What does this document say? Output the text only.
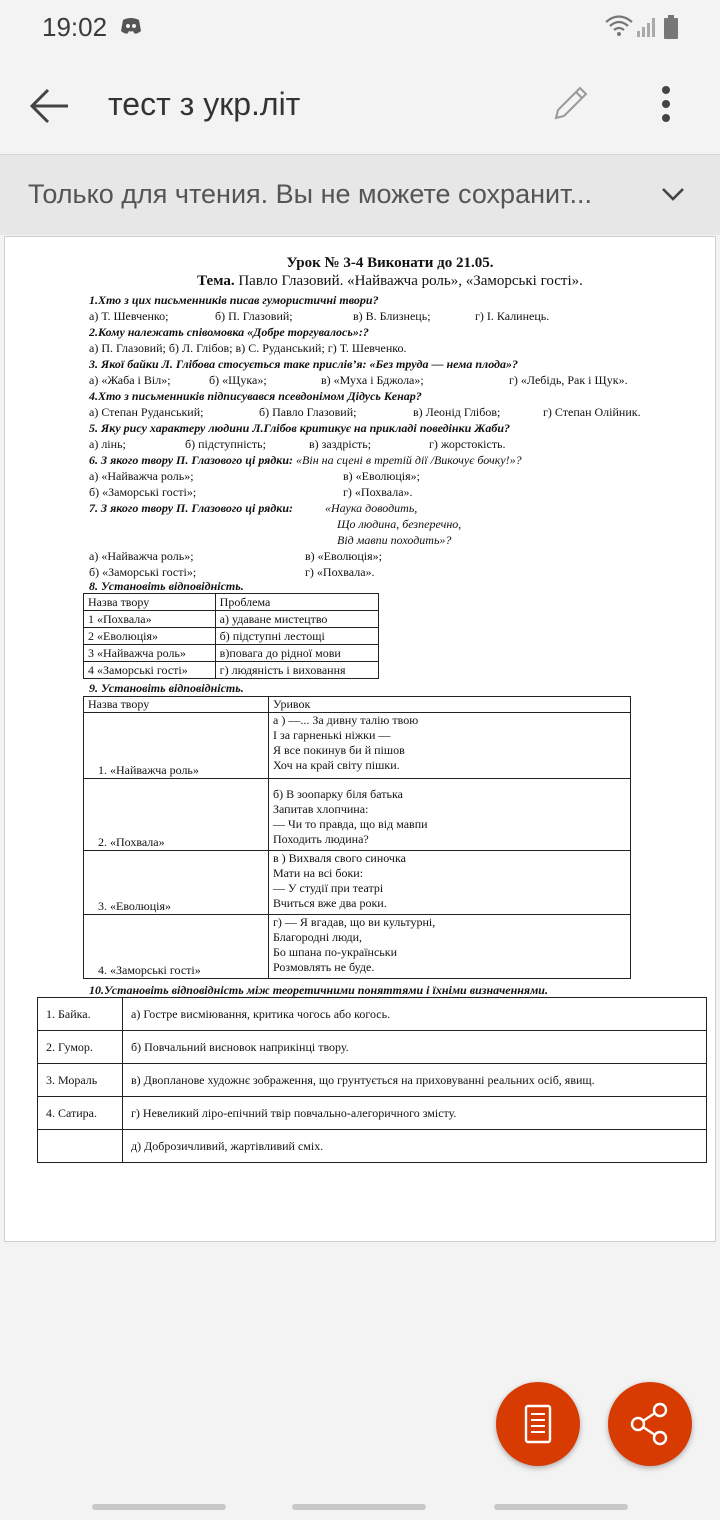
19:02
тест з укр.літ
Только для чтения. Вы не можете сохранит...
Урок № 3-4 Виконати до 21.05.
Тема. Павло Глазовий. «Найважча роль», «Заморські гості».
1.Хто з цих письменників писав гумористичні твори?
а) Т. Шевченко;	б) П. Глазовий;	в) В. Близнець;	г) І. Калинець.
2.Кому належать співомовка «Добре торгувалось»:?
а) П. Глазовий; б) Л. Глібов; в) С. Руданський; г) Т. Шевченко.
3. Якої байки Л. Глібова стосується таке прислів’я: «Без труда — нема плода»?
а) «Жаба і Віл»;	б) «Щука»;	в) «Муха і Бджола»;	г) «Лебідь, Рак і Щук».
4.Хто з письменників підписувався псевдонімом Дідусь Кенар?
а) Степан Руданський;	б) Павло Глазовий;	в) Леонід Глібов;	г) Степан Олійник.
5. Яку рису характеру людини Л.Глібов критикує на прикладі поведінки Жаби?
а) лінь;	б) підступність;	в) заздрість;	г) жорстокість.
6. З якого твору П. Глазового ці рядки: «Він на сцені в третій дії /Викочує бочку!»?
а) «Найважча роль»;	в) «Еволюція»;
б) «Заморські гості»;	г) «Похвала».
7. З якого твору П. Глазового ці рядки:	«Наука доводить,
Що людина, безперечно,
Від мавпи походить»?
а) «Найважча роль»;	в) «Еволюція»;
б) «Заморські гості»;	г) «Похвала».
8. Установіть відповідність.
Назва твору	Проблема
1 «Похвала»	а) удаване мистецтво
2 «Еволюція»	б) підступні лестощі
3 «Найважча роль»	в)повага до рідної мови
4 «Заморські гості»	г) людяність і виховання
9. Установіть відповідність.
Назва твору	Уривок
1. «Найважча роль»	а ) —... За дивну талію твою
І за гарненькі ніжки —
Я все покинув би й пішов
Хоч на край світу пішки.

2. «Похвала»	б) В зоопарку біля батька
Запитав хлопчина:
— Чи то правда, що від мавпи
Походить людина?

3. «Еволюція»	в ) Вихваля свого синочка
Мати на всі боки:
— У студії при театрі
Вчиться вже два роки.

4. «Заморські гості»	г) — Я вгадав, що ви культурні,
Благородні люди,
Бо шпана по-українськи
Розмовлять не буде.
10.Установіть відповідність між теоретичними поняттями і їхніми визначеннями.
1. Байка.	а) Гостре висміювання, критика чогось або когось.
2. Гумор.	б) Повчальний висновок наприкінці твору.
3. Мораль	в) Двопланове художнє зображення, що грунтується на приховуванні реальних осіб, явищ.
4. Сатира.	г) Невеликий ліро-епічний твір повчально-алегоричного змісту.
	д) Доброзичливий, жартівливий сміх.
